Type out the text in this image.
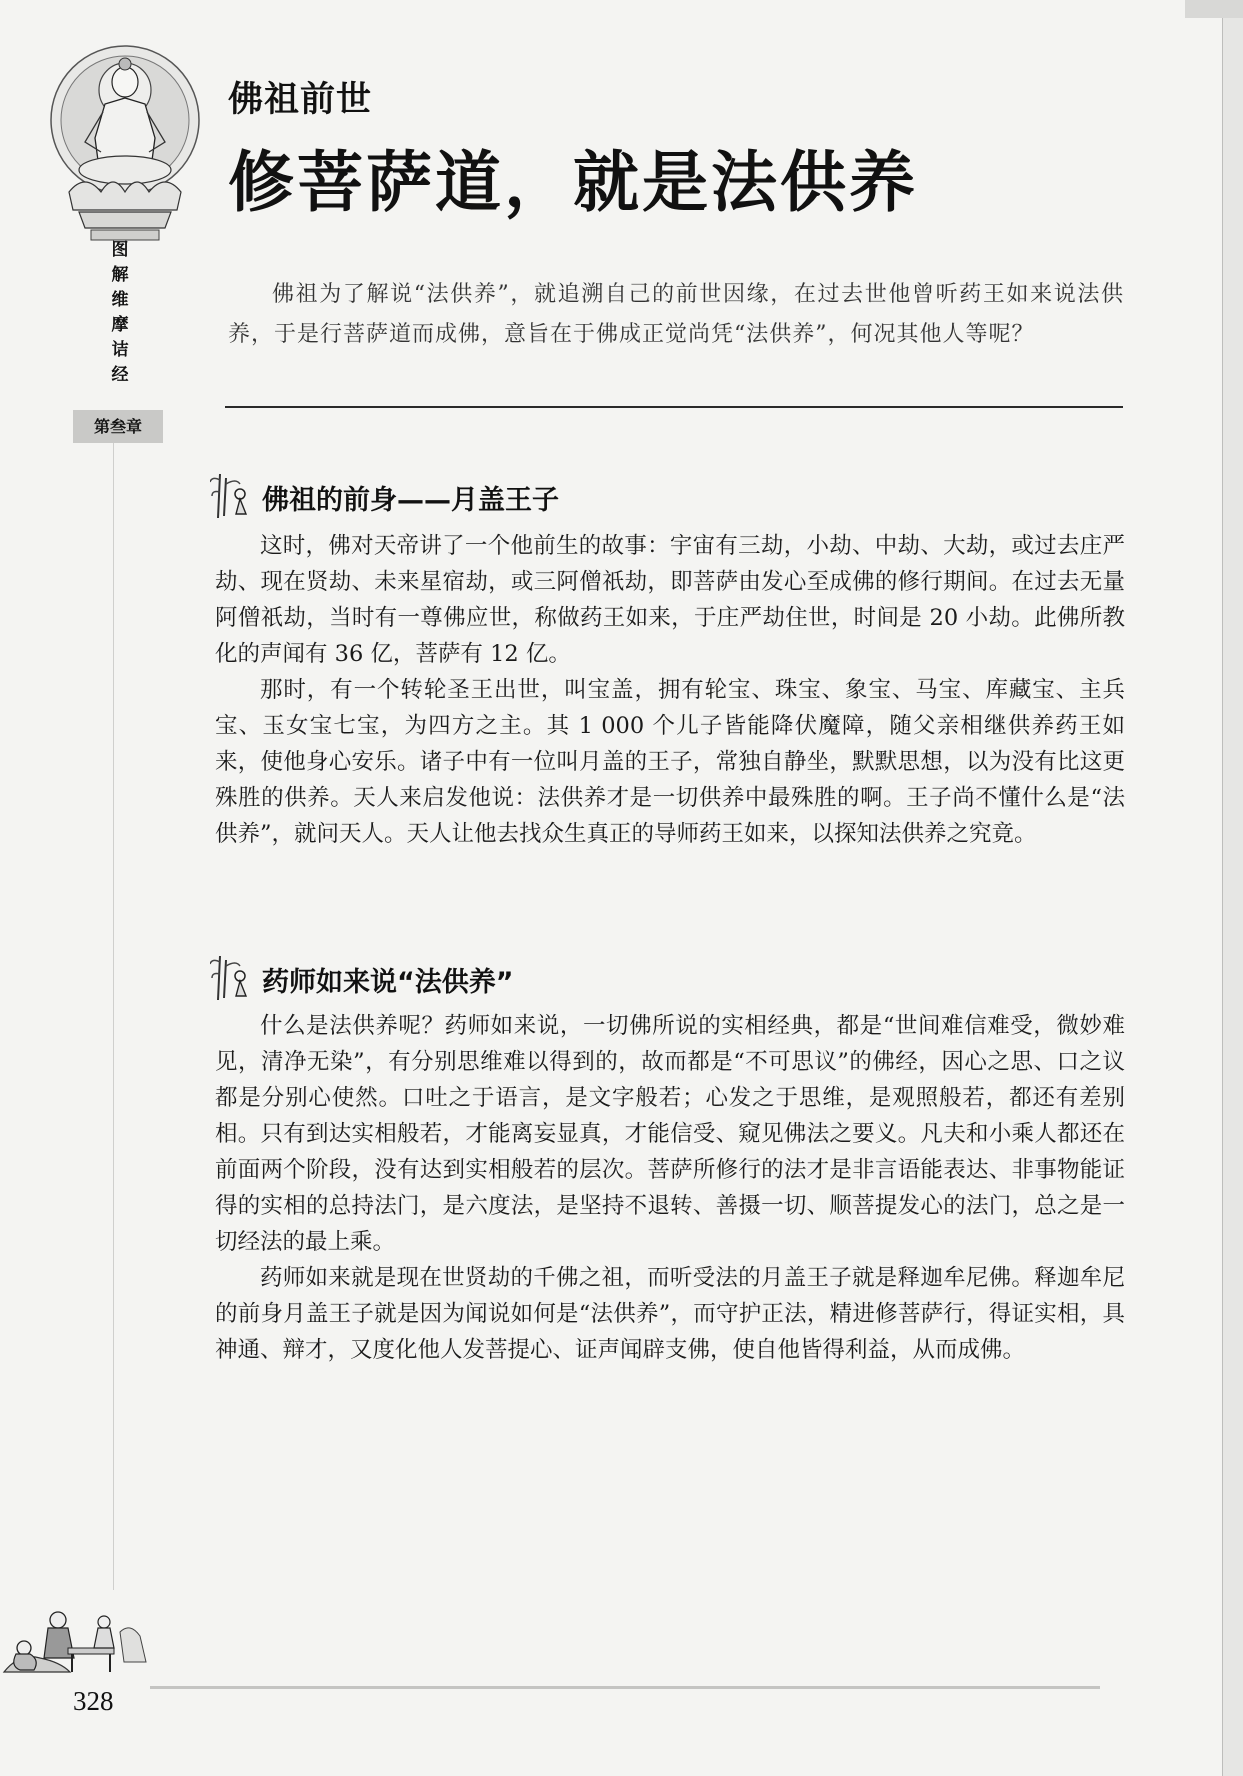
图
解
维
摩
诘
经
第叁章
佛祖前世
修菩萨道，就是法供养

佛祖为了解说“法供养”，就追溯自己的前世因缘，在过去世他曾听药王如来说法供养，于是行菩萨道而成佛，意旨在于佛成正觉尚凭“法供养”，何况其他人等呢？

佛祖的前身——月盖王子

这时，佛对天帝讲了一个他前生的故事：宇宙有三劫，小劫、中劫、大劫，或过去庄严劫、现在贤劫、未来星宿劫，或三阿僧祇劫，即菩萨由发心至成佛的修行期间。在过去无量阿僧祇劫，当时有一尊佛应世，称做药王如来，于庄严劫住世，时间是 20 小劫。此佛所教化的声闻有 36 亿，菩萨有 12 亿。

那时，有一个转轮圣王出世，叫宝盖，拥有轮宝、珠宝、象宝、马宝、库藏宝、主兵宝、玉女宝七宝，为四方之主。其 1 000 个儿子皆能降伏魔障，随父亲相继供养药王如来，使他身心安乐。诸子中有一位叫月盖的王子，常独自静坐，默默思想，以为没有比这更殊胜的供养。天人来启发他说：法供养才是一切供养中最殊胜的啊。王子尚不懂什么是“法供养”，就问天人。天人让他去找众生真正的导师药王如来，以探知法供养之究竟。

药师如来说“法供养”

什么是法供养呢？药师如来说，一切佛所说的实相经典，都是“世间难信难受，微妙难见，清净无染”，有分别思维难以得到的，故而都是“不可思议”的佛经，因心之思、口之议都是分别心使然。口吐之于语言，是文字般若；心发之于思维，是观照般若，都还有差别相。只有到达实相般若，才能离妄显真，才能信受、窥见佛法之要义。凡夫和小乘人都还在前面两个阶段，没有达到实相般若的层次。菩萨所修行的法才是非言语能表达、非事物能证得的实相的总持法门，是六度法，是坚持不退转、善摄一切、顺菩提发心的法门，总之是一切经法的最上乘。

药师如来就是现在世贤劫的千佛之祖，而听受法的月盖王子就是释迦牟尼佛。释迦牟尼的前身月盖王子就是因为闻说如何是“法供养”，而守护正法，精进修菩萨行，得证实相，具神通、辩才，又度化他人发菩提心、证声闻辟支佛，使自他皆得利益，从而成佛。

328
